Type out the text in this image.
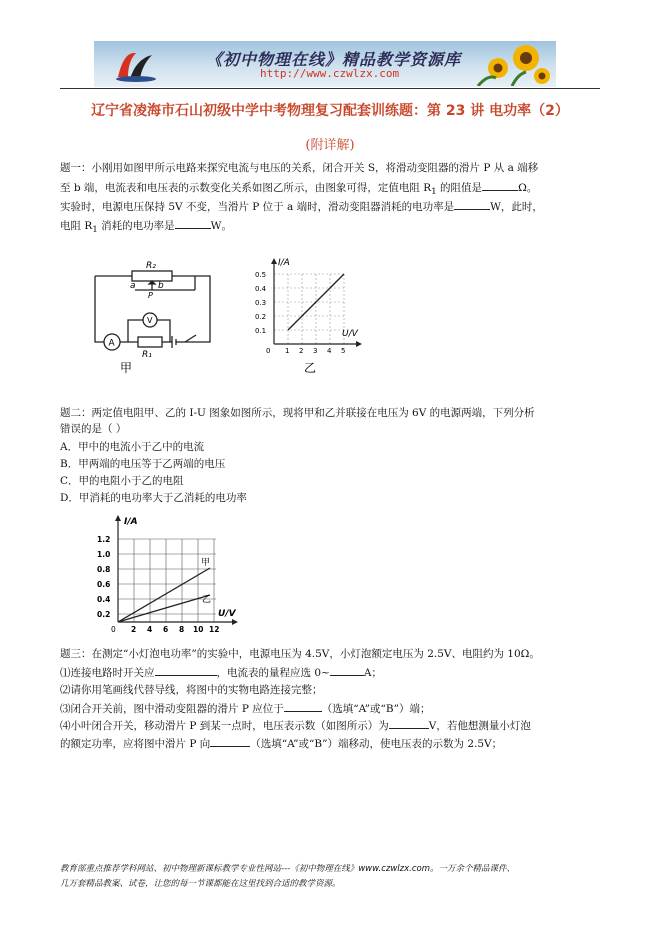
《初中物理在线》精品教学资源库
http://www.czwlzx.com
辽宁省凌海市石山初级中学中考物理复习配套训练题：第 23 讲 电功率（2）
(附详解)
题一：小刚用如图甲所示电路来探究电流与电压的关系，闭合开关 S，将滑动变阻器的滑片 P 从 a 端移
至 b 端，电流表和电压表的示数变化关系如图乙所示，由图象可得，定值电阻 $R_1$ 的阻值是	Ω。
实验时，电源电压保持 5V 不变，当滑片 P 位于 a 端时，滑动变阻器消耗的电功率是	W，此时，
电阻 $R_1$ 消耗的电功率是	W。
R₂
a
P
b
A
V
R₁
甲
I/A
U/V
0
0.1
0.2
0.3
0.4
0.5
1 2 3 4 5
乙
题二：两定值电阻甲、乙的 I-U 图象如图所示，现将甲和乙并联接在电压为 6V 的电源两端，下列分析
错误的是（ ）
A．甲中的电流小于乙中的电流
B．甲两端的电压等于乙两端的电压
C．甲的电阻小于乙的电阻
D．甲消耗的电功率大于乙消耗的电功率
I/A
U/V
甲
乙
0
0.2
0.4
0.6
0.8
1.0
1.2
2 4 6 8 10 12
题三：在测定“小灯泡电功率”的实验中，电源电压为 4.5V，小灯泡额定电压为 2.5V、电阻约为 10Ω。
⑴连接电路时开关应	，电流表的量程应选 0~	A；
⑵请你用笔画线代替导线，将图中的实物电路连接完整；
⑶闭合开关前，图中滑动变阻器的滑片 P 应位于	（选填“A”或“B”）端；
⑷小叶闭合开关，移动滑片 P 到某一点时，电压表示数（如图所示）为	V，若他想测量小灯泡
的额定功率，应将图中滑片 P 向	（选填“A”或“B”）端移动，使电压表的示数为 2.5V；
教育部重点推荐学科网站、初中物理新课标教学专业性网站---《初中物理在线》www.czwlzx.com。一万余个精品课件、
几万套精品教案、试卷，让您的每一节课都能在这里找到合适的教学资源。
